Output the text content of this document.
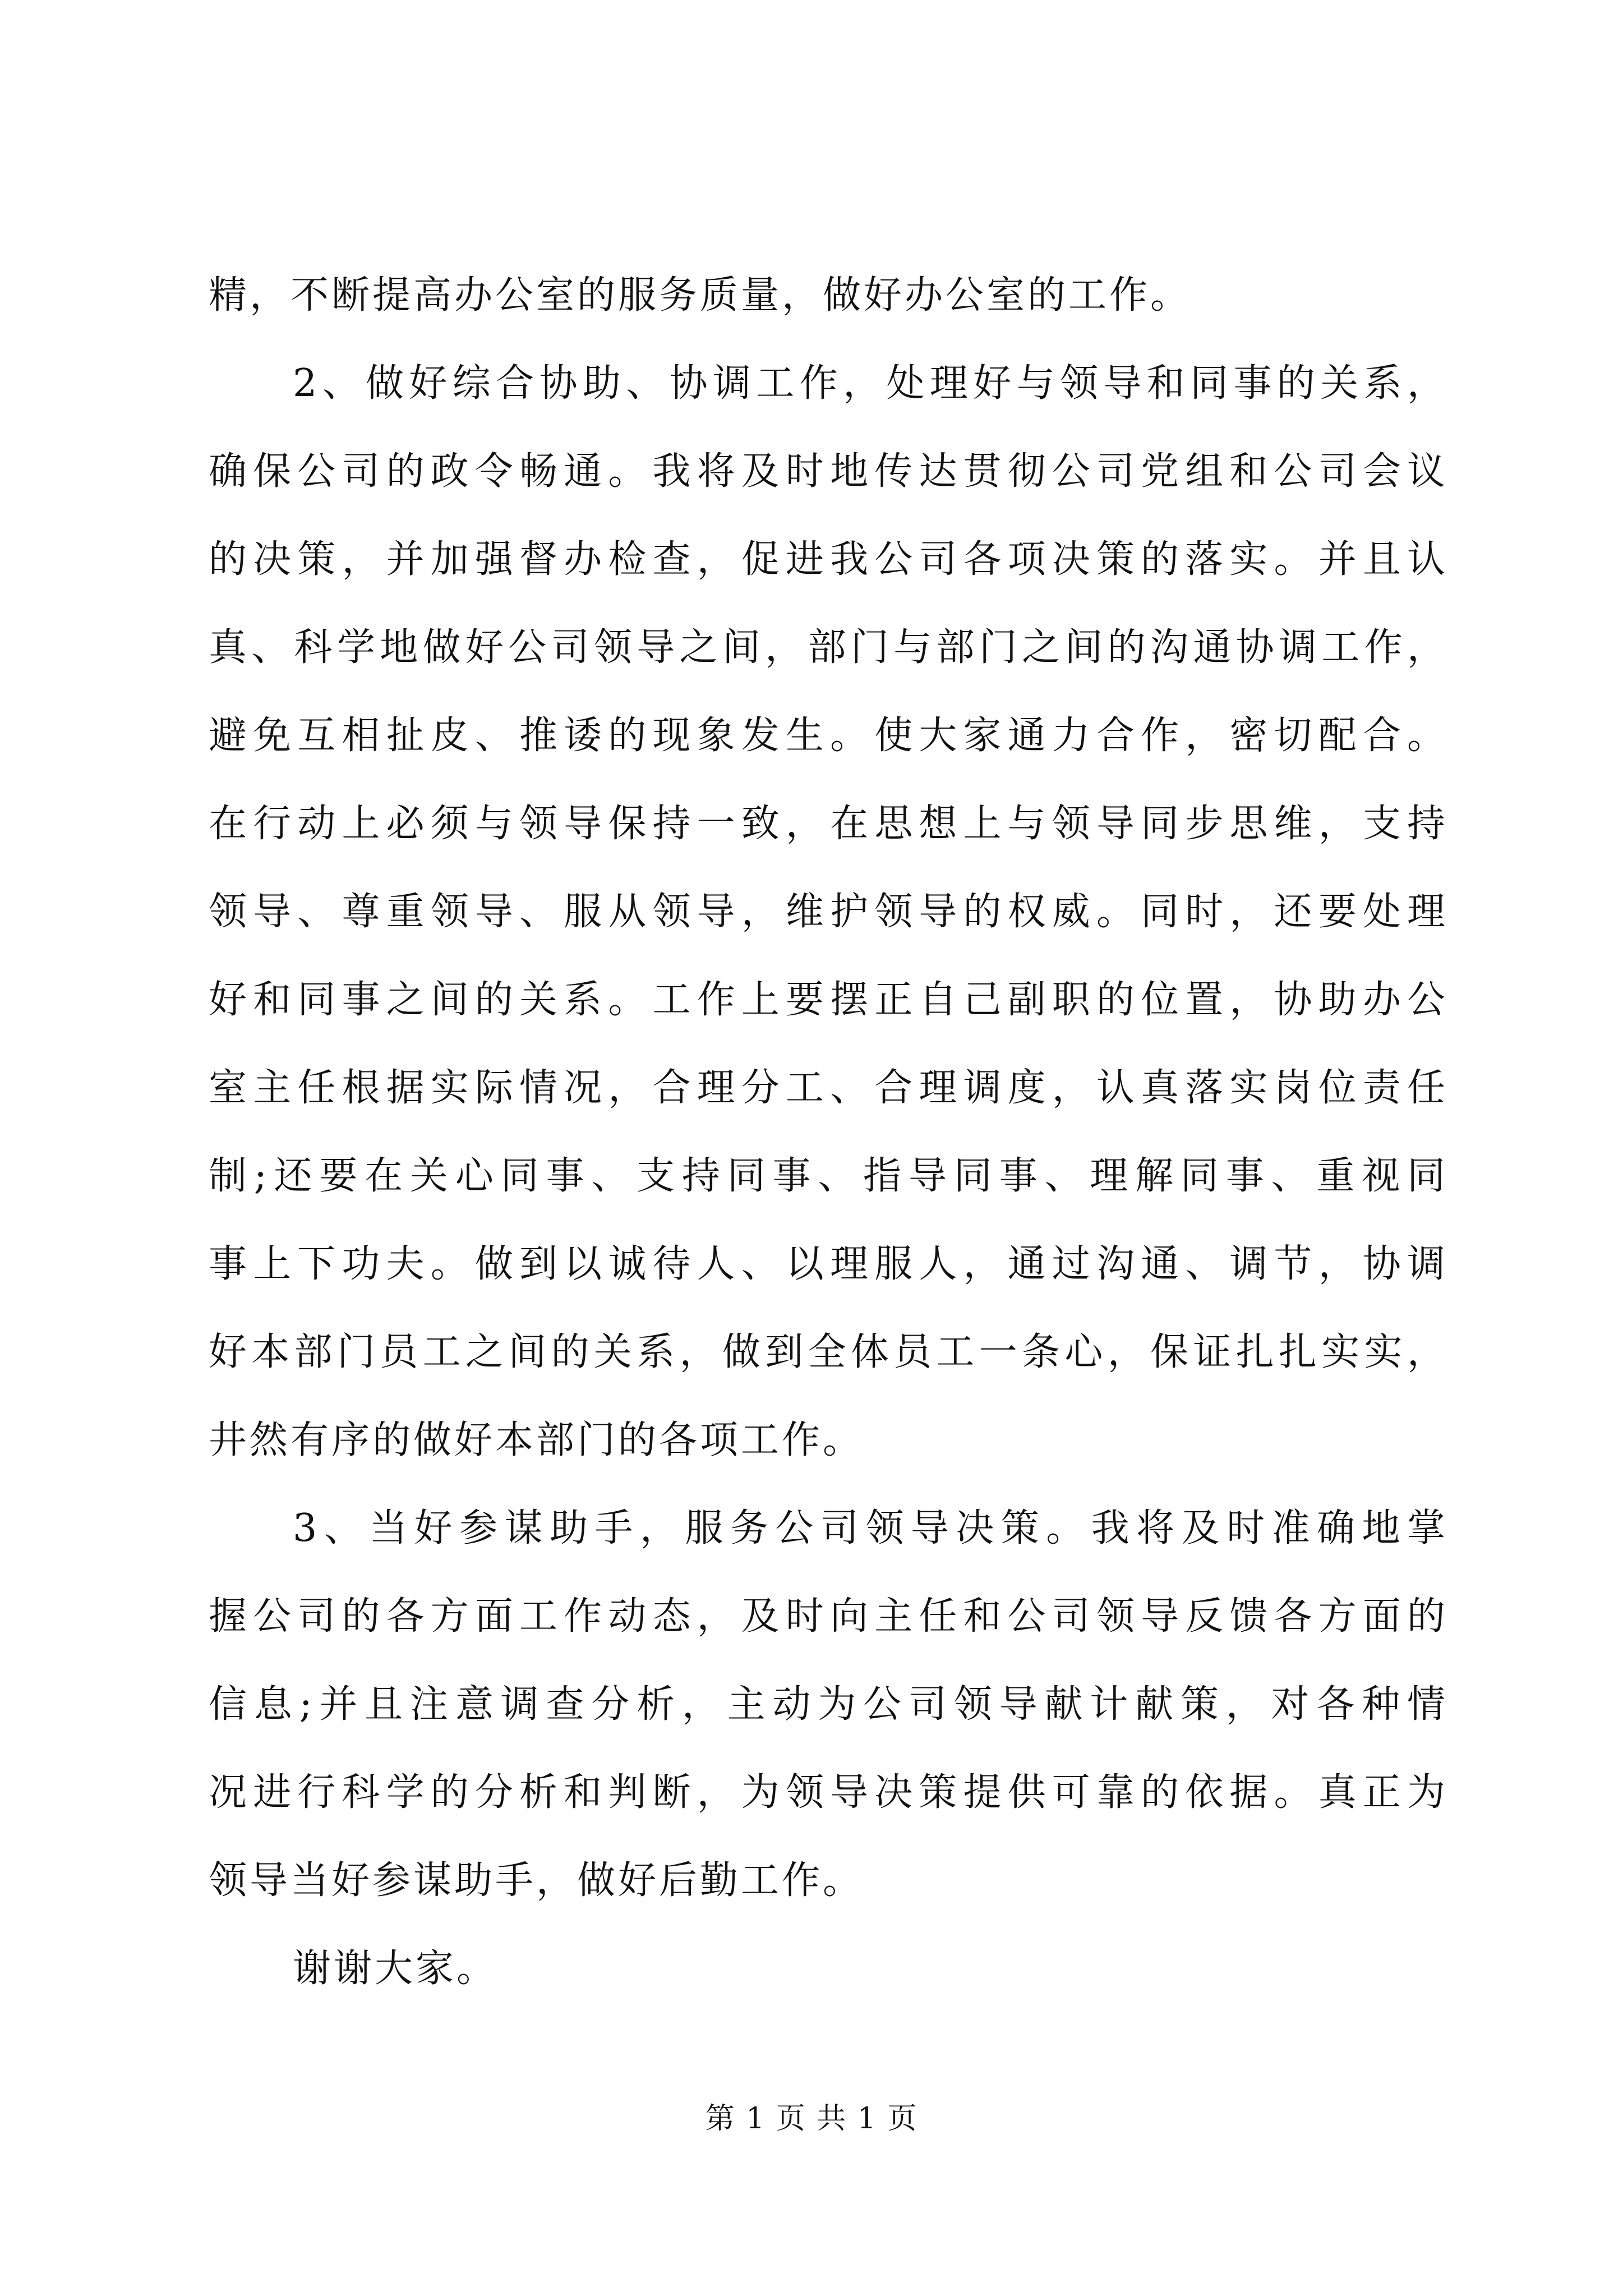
精，不断提高办公室的服务质量，做好办公室的工作。
2、做好综合协助、协调工作，处理好与领导和同事的关系，
确保公司的政令畅通。我将及时地传达贯彻公司党组和公司会议
的决策，并加强督办检查，促进我公司各项决策的落实。并且认
真、科学地做好公司领导之间，部门与部门之间的沟通协调工作，
避免互相扯皮、推诿的现象发生。使大家通力合作，密切配合。
在行动上必须与领导保持一致，在思想上与领导同步思维，支持
领导、尊重领导、服从领导，维护领导的权威。同时，还要处理
好和同事之间的关系。工作上要摆正自己副职的位置，协助办公
室主任根据实际情况，合理分工、合理调度，认真落实岗位责任
制;还要在关心同事、支持同事、指导同事、理解同事、重视同
事上下功夫。做到以诚待人、以理服人，通过沟通、调节，协调
好本部门员工之间的关系，做到全体员工一条心，保证扎扎实实，
井然有序的做好本部门的各项工作。
3、当好参谋助手，服务公司领导决策。我将及时准确地掌
握公司的各方面工作动态，及时向主任和公司领导反馈各方面的
信息;并且注意调查分析，主动为公司领导献计献策，对各种情
况进行科学的分析和判断，为领导决策提供可靠的依据。真正为
领导当好参谋助手，做好后勤工作。
谢谢大家。
第 1 页 共 1 页
